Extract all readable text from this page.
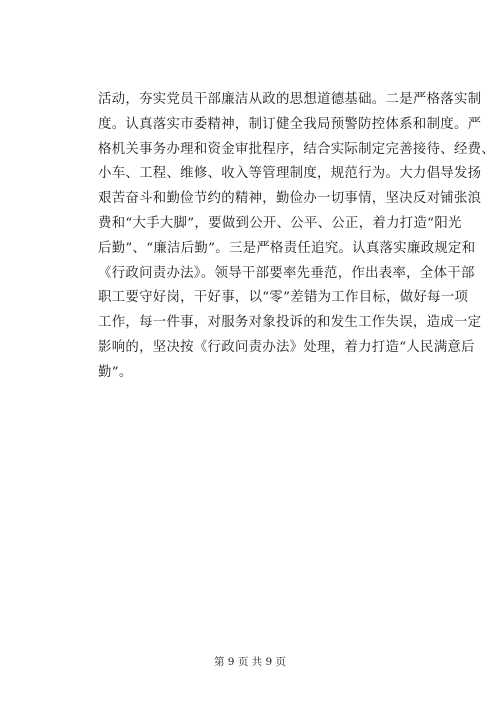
活动，夯实党员干部廉洁从政的思想道德基础。二是严格落实制
度。认真落实市委精神，制订健全我局预警防控体系和制度。严
格机关事务办理和资金审批程序，结合实际制定完善接待、经费、
小车、工程、维修、收入等管理制度，规范行为。大力倡导发扬
艰苦奋斗和勤俭节约的精神，勤俭办一切事情，坚决反对铺张浪
费和“大手大脚”，要做到公开、公平、公正，着力打造“阳光
后勤”、“廉洁后勤”。三是严格责任追究。认真落实廉政规定和
《行政问责办法》。领导干部要率先垂范，作出表率，全体干部
职工要守好岗，干好事，以“零”差错为工作目标，做好每一项
工作，每一件事，对服务对象投诉的和发生工作失误，造成一定
影响的，坚决按《行政问责办法》处理，着力打造“人民满意后
勤”。
第 9 页 共 9 页
